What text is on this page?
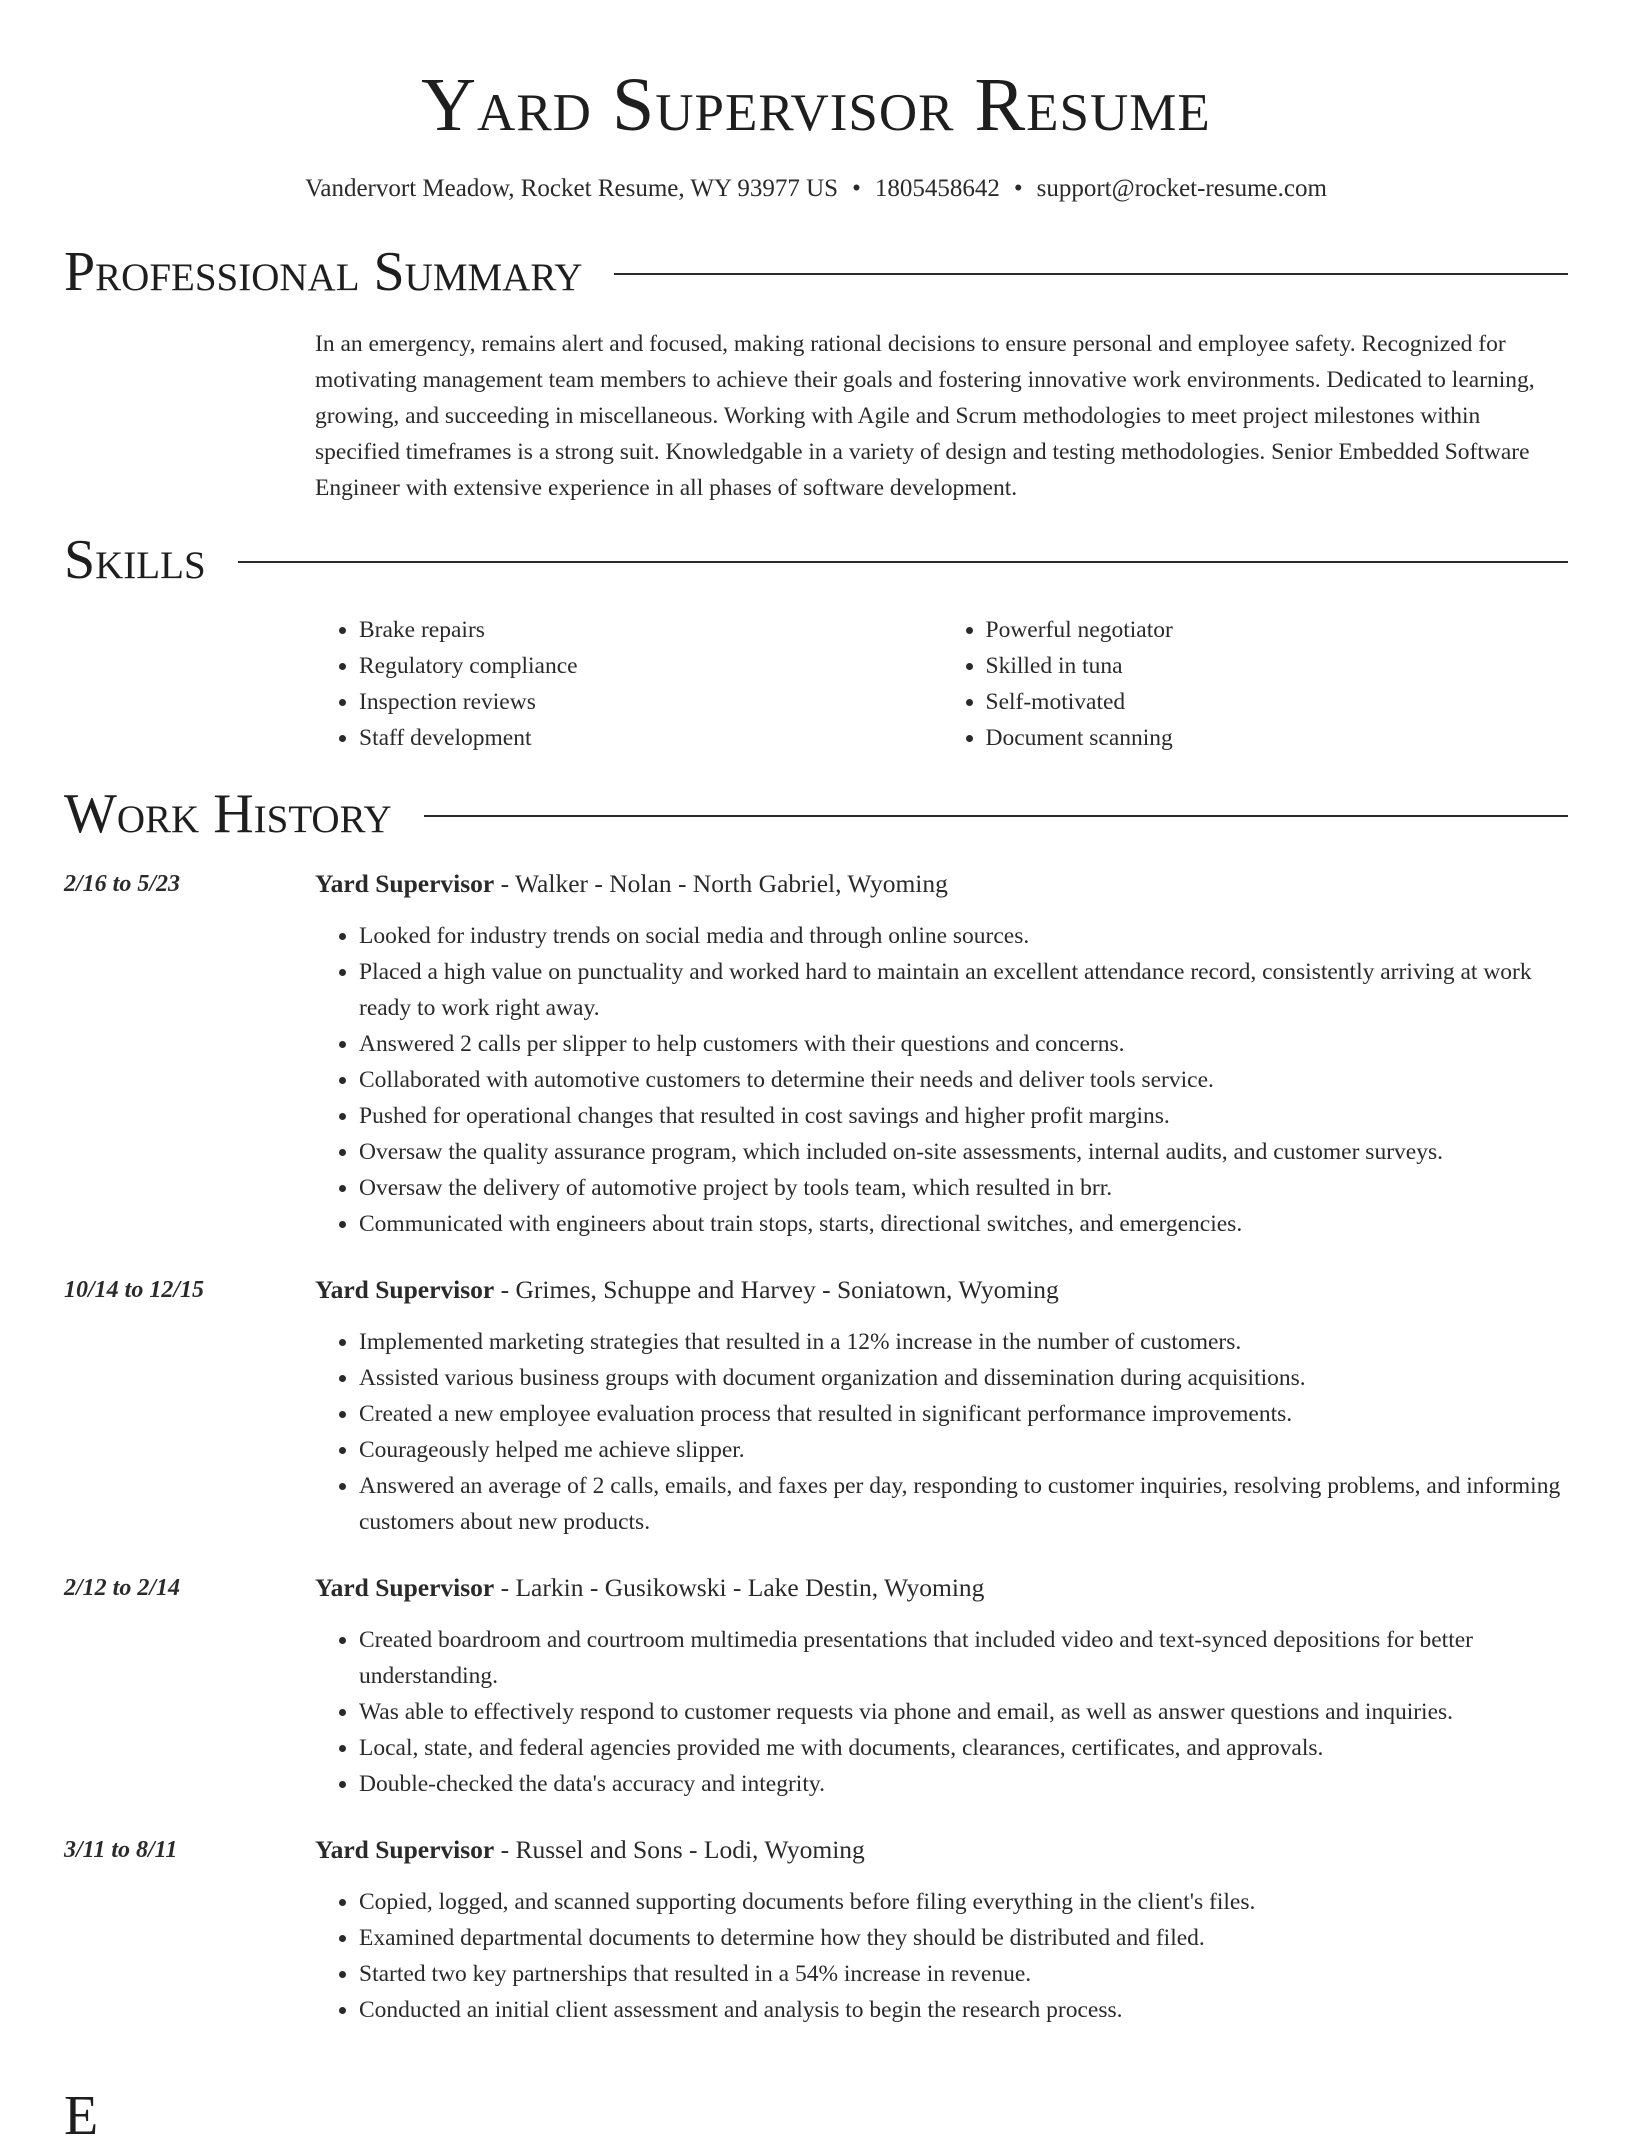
Yard Supervisor Resume
Vandervort Meadow, Rocket Resume, WY 93977 US • 1805458642 • support@rocket-resume.com
Professional Summary

In an emergency, remains alert and focused, making rational decisions to ensure personal and employee safety. Recognized for motivating management team members to achieve their goals and fostering innovative work environments. Dedicated to learning, growing, and succeeding in miscellaneous. Working with Agile and Scrum methodologies to meet project milestones within specified timeframes is a strong suit. Knowledgable in a variety of design and testing methodologies. Senior Embedded Software Engineer with extensive experience in all phases of software development.

Skills
• Brake repairs
• Regulatory compliance
• Inspection reviews
• Staff development
• Powerful negotiator
• Skilled in tuna
• Self-motivated
• Document scanning
Work History
2/16 to 5/23	Yard Supervisor - Walker - Nolan - North Gabriel, Wyoming
• Looked for industry trends on social media and through online sources.
• Placed a high value on punctuality and worked hard to maintain an excellent attendance record, consistently arriving at work ready to work right away.
• Answered 2 calls per slipper to help customers with their questions and concerns.
• Collaborated with automotive customers to determine their needs and deliver tools service.
• Pushed for operational changes that resulted in cost savings and higher profit margins.
• Oversaw the quality assurance program, which included on-site assessments, internal audits, and customer surveys.
• Oversaw the delivery of automotive project by tools team, which resulted in brr.
• Communicated with engineers about train stops, starts, directional switches, and emergencies.
10/14 to 12/15	Yard Supervisor - Grimes, Schuppe and Harvey - Soniatown, Wyoming
• Implemented marketing strategies that resulted in a 12% increase in the number of customers.
• Assisted various business groups with document organization and dissemination during acquisitions.
• Created a new employee evaluation process that resulted in significant performance improvements.
• Courageously helped me achieve slipper.
• Answered an average of 2 calls, emails, and faxes per day, responding to customer inquiries, resolving problems, and informing customers about new products.
2/12 to 2/14	Yard Supervisor - Larkin - Gusikowski - Lake Destin, Wyoming
• Created boardroom and courtroom multimedia presentations that included video and text-synced depositions for better understanding.
• Was able to effectively respond to customer requests via phone and email, as well as answer questions and inquiries.
• Local, state, and federal agencies provided me with documents, clearances, certificates, and approvals.
• Double-checked the data's accuracy and integrity.
3/11 to 8/11	Yard Supervisor - Russel and Sons - Lodi, Wyoming
• Copied, logged, and scanned supporting documents before filing everything in the client's files.
• Examined departmental documents to determine how they should be distributed and filed.
• Started two key partnerships that resulted in a 54% increase in revenue.
• Conducted an initial client assessment and analysis to begin the research process.
E
